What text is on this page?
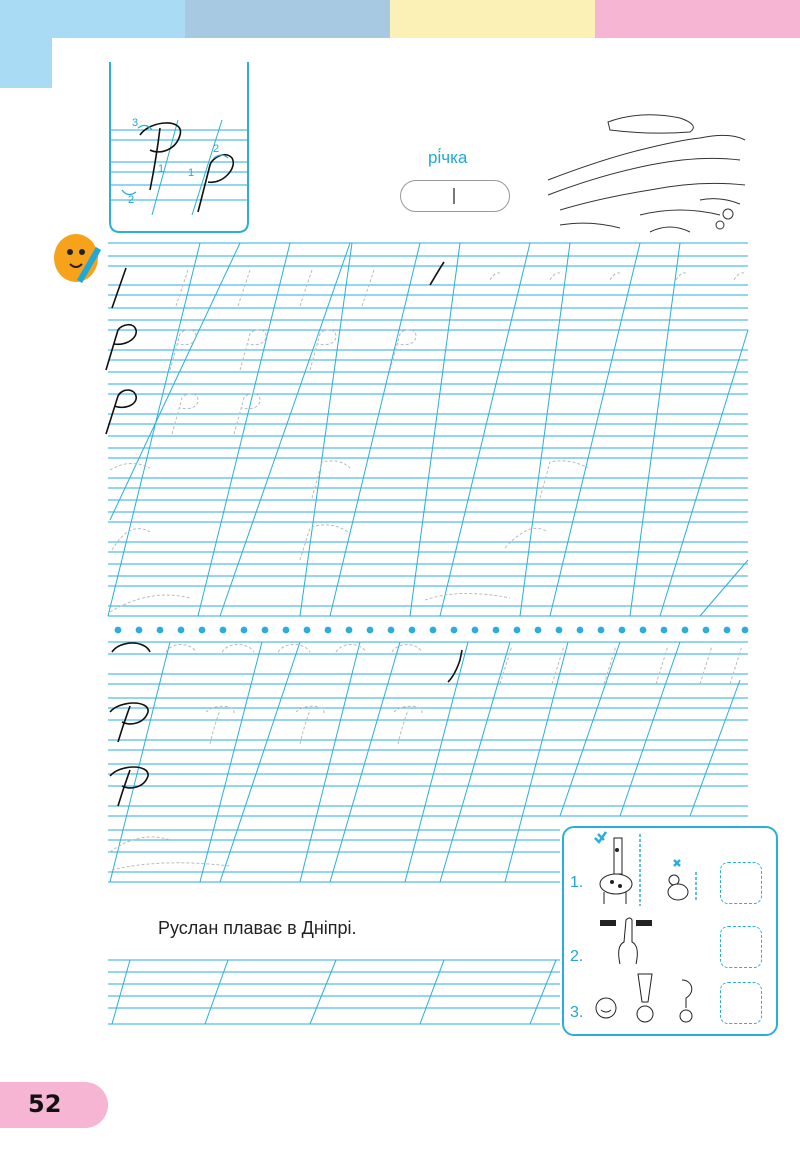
3
1
2
2
1
рі́чка
Руслан плаває в Дніпрі.
1.
2.
3.
52
